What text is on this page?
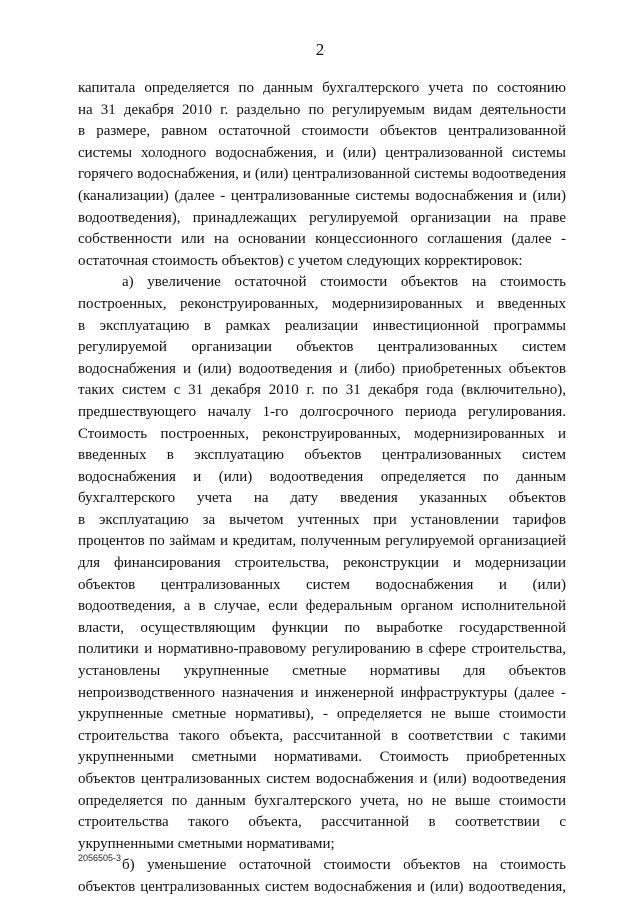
2

капитала определяется по данным бухгалтерского учета по состоянию

на 31 декабря 2010 г. раздельно по регулируемым видам деятельности

в размере, равном остаточной стоимости объектов централизованной

системы холодного водоснабжения, и (или) централизованной системы

горячего водоснабжения, и (или) централизованной системы водоотведения

(канализации) (далее - централизованные системы водоснабжения и (или)

водоотведения), принадлежащих регулируемой организации на праве

собственности или на основании концессионного соглашения (далее -

остаточная стоимость объектов) с учетом следующих корректировок:

а) увеличение остаточной стоимости объектов на стоимость

построенных, реконструированных, модернизированных и введенных

в эксплуатацию в рамках реализации инвестиционной программы

регулируемой организации объектов централизованных систем

водоснабжения и (или) водоотведения и (либо) приобретенных объектов

таких систем с 31 декабря 2010 г. по 31 декабря года (включительно),

предшествующего началу 1-го долгосрочного периода регулирования.

Стоимость построенных, реконструированных, модернизированных и

введенных в эксплуатацию объектов централизованных систем

водоснабжения и (или) водоотведения определяется по данным

бухгалтерского учета на дату введения указанных объектов

в эксплуатацию за вычетом учтенных при установлении тарифов

процентов по займам и кредитам, полученным регулируемой организацией

для финансирования строительства, реконструкции и модернизации

объектов централизованных систем водоснабжения и (или)

водоотведения, а в случае, если федеральным органом исполнительной

власти, осуществляющим функции по выработке государственной

политики и нормативно-правовому регулированию в сфере строительства,

установлены укрупненные сметные нормативы для объектов

непроизводственного назначения и инженерной инфраструктуры (далее -

укрупненные сметные нормативы), - определяется не выше стоимости

строительства такого объекта, рассчитанной в соответствии с такими

укрупненными сметными нормативами. Стоимость приобретенных

объектов централизованных систем водоснабжения и (или) водоотведения

определяется по данным бухгалтерского учета, но не выше стоимости

строительства такого объекта, рассчитанной в соответствии с

укрупненными сметными нормативами;

б) уменьшение остаточной стоимости объектов на стоимость

объектов централизованных систем водоснабжения и (или) водоотведения,

2056505-3
